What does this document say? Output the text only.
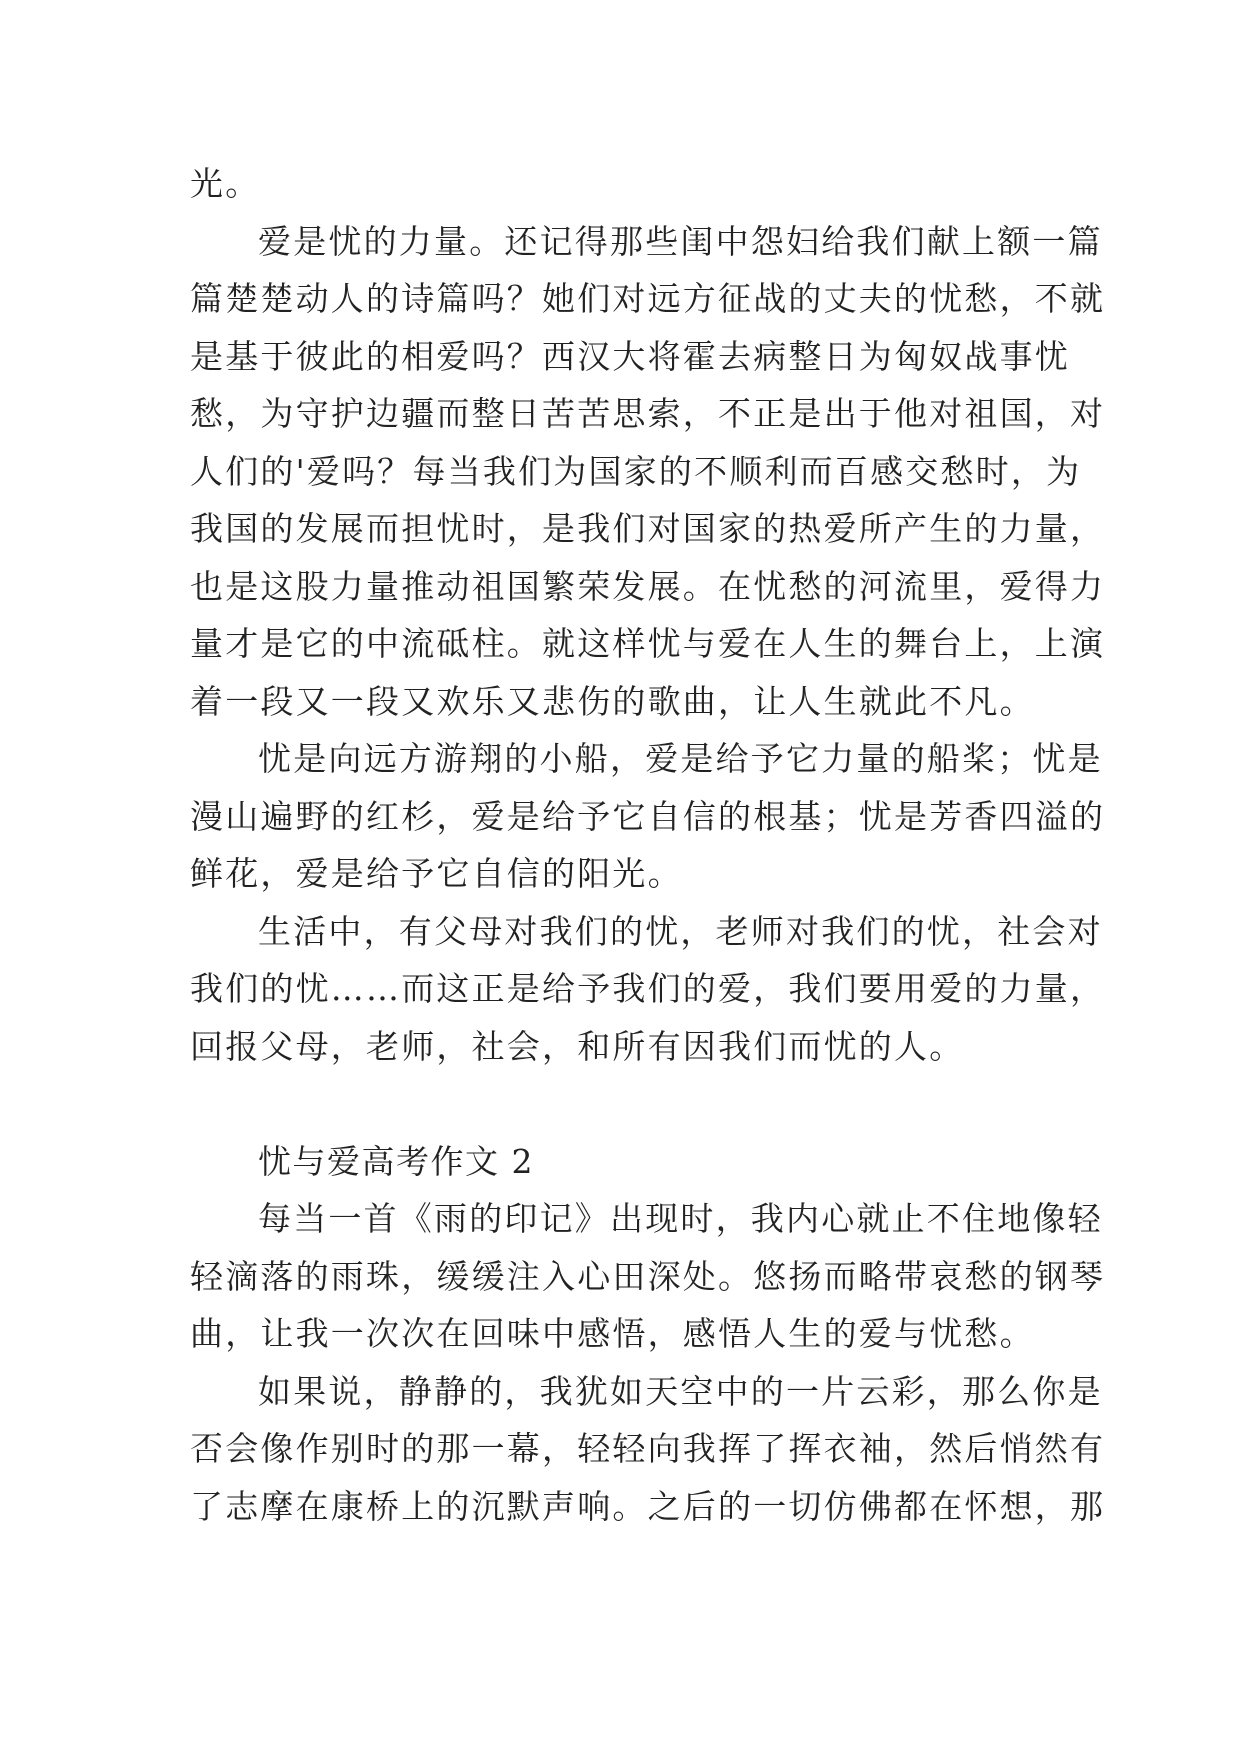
光。
爱是忧的力量。还记得那些闺中怨妇给我们献上额一篇
篇楚楚动人的诗篇吗？她们对远方征战的丈夫的忧愁，不就
是基于彼此的相爱吗？西汉大将霍去病整日为匈奴战事忧
愁，为守护边疆而整日苦苦思索，不正是出于他对祖国，对
人们的'爱吗？每当我们为国家的不顺利而百感交愁时，为
我国的发展而担忧时，是我们对国家的热爱所产生的力量，
也是这股力量推动祖国繁荣发展。在忧愁的河流里，爱得力
量才是它的中流砥柱。就这样忧与爱在人生的舞台上，上演
着一段又一段又欢乐又悲伤的歌曲，让人生就此不凡。
忧是向远方游翔的小船，爱是给予它力量的船桨；忧是
漫山遍野的红杉，爱是给予它自信的根基；忧是芳香四溢的
鲜花，爱是给予它自信的阳光。
生活中，有父母对我们的忧，老师对我们的忧，社会对
我们的忧……而这正是给予我们的爱，我们要用爱的力量，
回报父母，老师，社会，和所有因我们而忧的人。
忧与爱高考作文 2
每当一首《雨的印记》出现时，我内心就止不住地像轻
轻滴落的雨珠，缓缓注入心田深处。悠扬而略带哀愁的钢琴
曲，让我一次次在回味中感悟，感悟人生的爱与忧愁。
如果说，静静的，我犹如天空中的一片云彩，那么你是
否会像作别时的那一幕，轻轻向我挥了挥衣袖，然后悄然有
了志摩在康桥上的沉默声响。之后的一切仿佛都在怀想，那
